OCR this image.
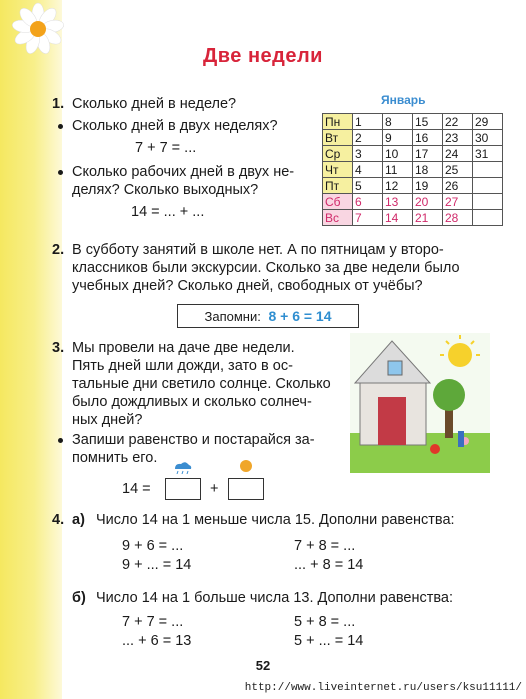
Две недели
1. Сколько дней в неделе?
Сколько дней в двух неделях?
7 + 7 = ...
Сколько рабочих дней в двух не-
делях? Сколько выходных?
14 = ... + ...
Январь
Пн	1	8	15	22	29
Вт	2	9	16	23	30
Ср	3	10	17	24	31
Чт	4	11	18	25	
Пт	5	12	19	26	
Сб	6	13	20	27	
Вс	7	14	21	28	
2. В субботу занятий в школе нет. А по пятницам у второ-
классников были экскурсии. Сколько за две недели было
учебных дней? Сколько дней, свободных от учёбы?
Запомни: 8 + 6 = 14
3. Мы провели на даче две недели.
Пять дней шли дожди, зато в ос-
тальные дни светило солнце. Сколько
было дождливых и сколько солнеч-
ных дней?
Запиши равенство и постарайся за-
помнить его.
14 =	+
4. а) Число 14 на 1 меньше числа 15. Дополни равенства:
9 + 6 = ...	7 + 8 = ...
9 + ... = 14	... + 8 = 14
б) Число 14 на 1 больше числа 13. Дополни равенства:
7 + 7 = ...	5 + 8 = ...
... + 6 = 13	5 + ... = 14
52
http://www.liveinternet.ru/users/ksu11111/
